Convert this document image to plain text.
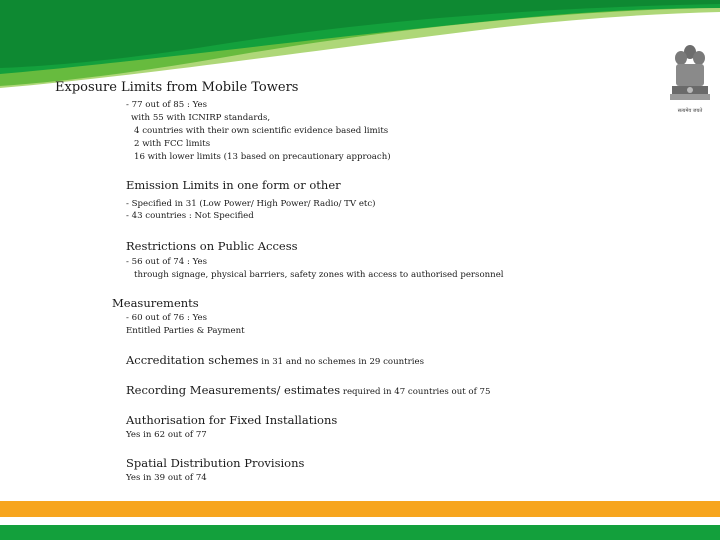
सत्यमेव जयते
Exposure Limits from Mobile Towers
- 77 out of 85 : Yes
with 55 with ICNIRP standards,
4 countries with their own scientific evidence based limits
2 with FCC limits
16 with lower limits (13 based on precautionary approach)
Emission Limits in one form or other
- Specified in 31 (Low Power/ High Power/ Radio/ TV etc)
- 43 countries : Not Specified
Restrictions on Public Access
- 56 out of 74 : Yes
through signage, physical barriers, safety zones with access to authorised personnel
Measurements
- 60 out of 76 : Yes
Entitled Parties & Payment
Accreditation schemes in 31 and no schemes in 29 countries
Recording Measurements/ estimates required in 47 countries out of 75
Authorisation for Fixed Installations
Yes in 62 out of 77
Spatial Distribution Provisions
Yes in 39 out of 74
